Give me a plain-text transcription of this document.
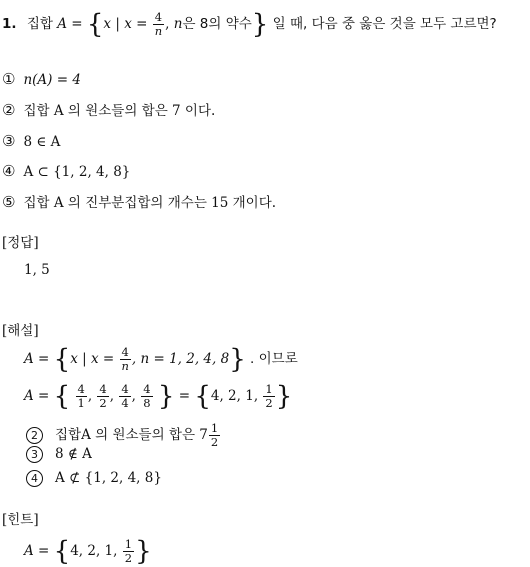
1. 집합 A = {x | $x = \frac{4}{n}$ , n은 8의 약수} 일 때, 다음 중 옳은 것을 모두 고르면?
① n(A) = 4
② 집합 A 의 원소들의 합은 7 이다.
③ 8 ∈ A
④ A ⊂ {1, 2, 4, 8}
⑤ 집합 A 의 진부분집합의 개수는 15 개이다.
[정답]
1, 5
[해설]
A = {x | $x = \frac{4}{n}$ , n = 1, 2, 4, 8} . 이므로
A = { $\frac{4}{1}$ , $\frac{4}{2}$ , $\frac{4}{4}$ , $\frac{4}{8}$ } = {4, 2, 1, $\frac{1}{2}$ }
2 집합A 의 원소들의 합은 $7 \frac{1}{2}$
3 8 ∉ A
4 A ⊄ {1, 2, 4, 8}
[힌트]
A = {4, 2, 1, $\frac{1}{2}$ }
